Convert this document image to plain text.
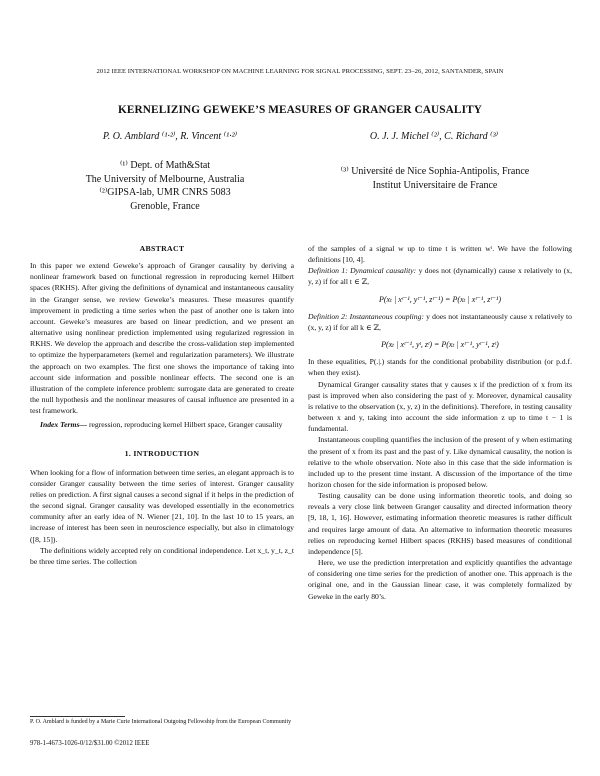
2012 IEEE INTERNATIONAL WORKSHOP ON MACHINE LEARNING FOR SIGNAL PROCESSING, SEPT. 23–26, 2012, SANTANDER, SPAIN
KERNELIZING GEWEKE’S MEASURES OF GRANGER CAUSALITY
P. O. Amblard ⁽¹·²⁾, R. Vincent ⁽¹·²⁾	O. J. J. Michel ⁽²⁾, C. Richard ⁽³⁾
⁽¹⁾ Dept. of Math&Stat
The University of Melbourne, Australia
⁽²⁾GIPSA-lab, UMR CNRS 5083
Grenoble, France
⁽³⁾ Université de Nice Sophia-Antipolis, France
Institut Universitaire de France
ABSTRACT

In this paper we extend Geweke’s approach of Granger causality by deriving a nonlinear framework based on functional regression in reproducing kernel Hilbert spaces (RKHS). After giving the definitions of dynamical and instantaneous causality in the Granger sense, we review Geweke’s measures. These measures quantify improvement in predicting a time series when the past of another one is taken into account. Geweke’s measures are based on linear prediction, and we present an alternative using nonlinear prediction implemented using regularized regression in RKHS. We develop the approach and describe the cross-validation step implemented to optimize the hyperparameters (kernel and regularization parameters). We illustrate the approach on two examples. The first one shows the importance of taking into account side information and possible nonlinear effects. The second one is an illustration of the complete inference problem: surrogate data are generated to create the null hypothesis and the nonlinear measures of causal influence are presented in a test framework.

Index Terms— regression, reproducing kernel Hilbert space, Granger causality

1. INTRODUCTION

When looking for a flow of information between time series, an elegant approach is to consider Granger causality between the time series of interest. Granger causality relies on prediction. A first signal causes a second signal if it helps in the prediction of the second signal. Granger causality was developed essentially in the econometrics community after an early idea of N. Wiener [21, 10]. In the last 10 to 15 years, an increase of interest has been seen in neuroscience especially, but also in climatology ([8, 15]).

The definitions widely accepted rely on conditional independence. Let x_t, y_t, z_t be three time series. The collection

P. O. Amblard is funded by a Marie Curie International Outgoing Fellowship from the European Community
978-1-4673-1026-0/12/$31.00 ©2012 IEEE

of the samples of a signal w up to time t is written wᵗ. We have the following definitions [10, 4].

Definition 1: Dynamical causality: y does not (dynamically) cause x relatively to (x, y, z) if for all t ∈ ℤ,

P(xₜ | xᵗ⁻¹, yᵗ⁻¹, zᵗ⁻¹) = P(xₜ | xᵗ⁻¹, zᵗ⁻¹)

Definition 2: Instantaneous coupling: y does not instantaneously cause x relatively to (x, y, z) if for all k ∈ ℤ,

P(xₜ | xᵗ⁻¹, yᵗ, zᵗ) = P(xₜ | xᵗ⁻¹, yᵗ⁻¹, zᵗ)

In these equalities, P(.|.) stands for the conditional probability distribution (or p.d.f. when they exist).

Dynamical Granger causality states that y causes x if the prediction of x from its past is improved when also considering the past of y. Moreover, dynamical causality is relative to the observation (x, y, z) in the definitions). Therefore, in testing causality between x and y, taking into account the side information z up to time t − 1 is fundamental.

Instantaneous coupling quantifies the inclusion of the present of y when estimating the present of x from its past and the past of y. Like dynamical causality, the notion is relative to the whole observation. Note also in this case that the side information is included up to the present time instant. A discussion of the importance of the time horizon chosen for the side information is proposed below.

Testing causality can be done using information theoretic tools, and doing so reveals a very close link between Granger causality and directed information theory [9, 18, 1, 16]. However, estimating information theoretic measures is rather difficult and requires large amount of data. An alternative to information theoretic measures relies on reproducing kernel Hilbert spaces (RKHS) based measures of conditional independence [5].

Here, we use the prediction interpretation and explicitly quantifies the advantage of considering one time series for the prediction of another one. This approach is the original one, and in the Gaussian linear case, it was completely formalized by Geweke in the early 80’s.
